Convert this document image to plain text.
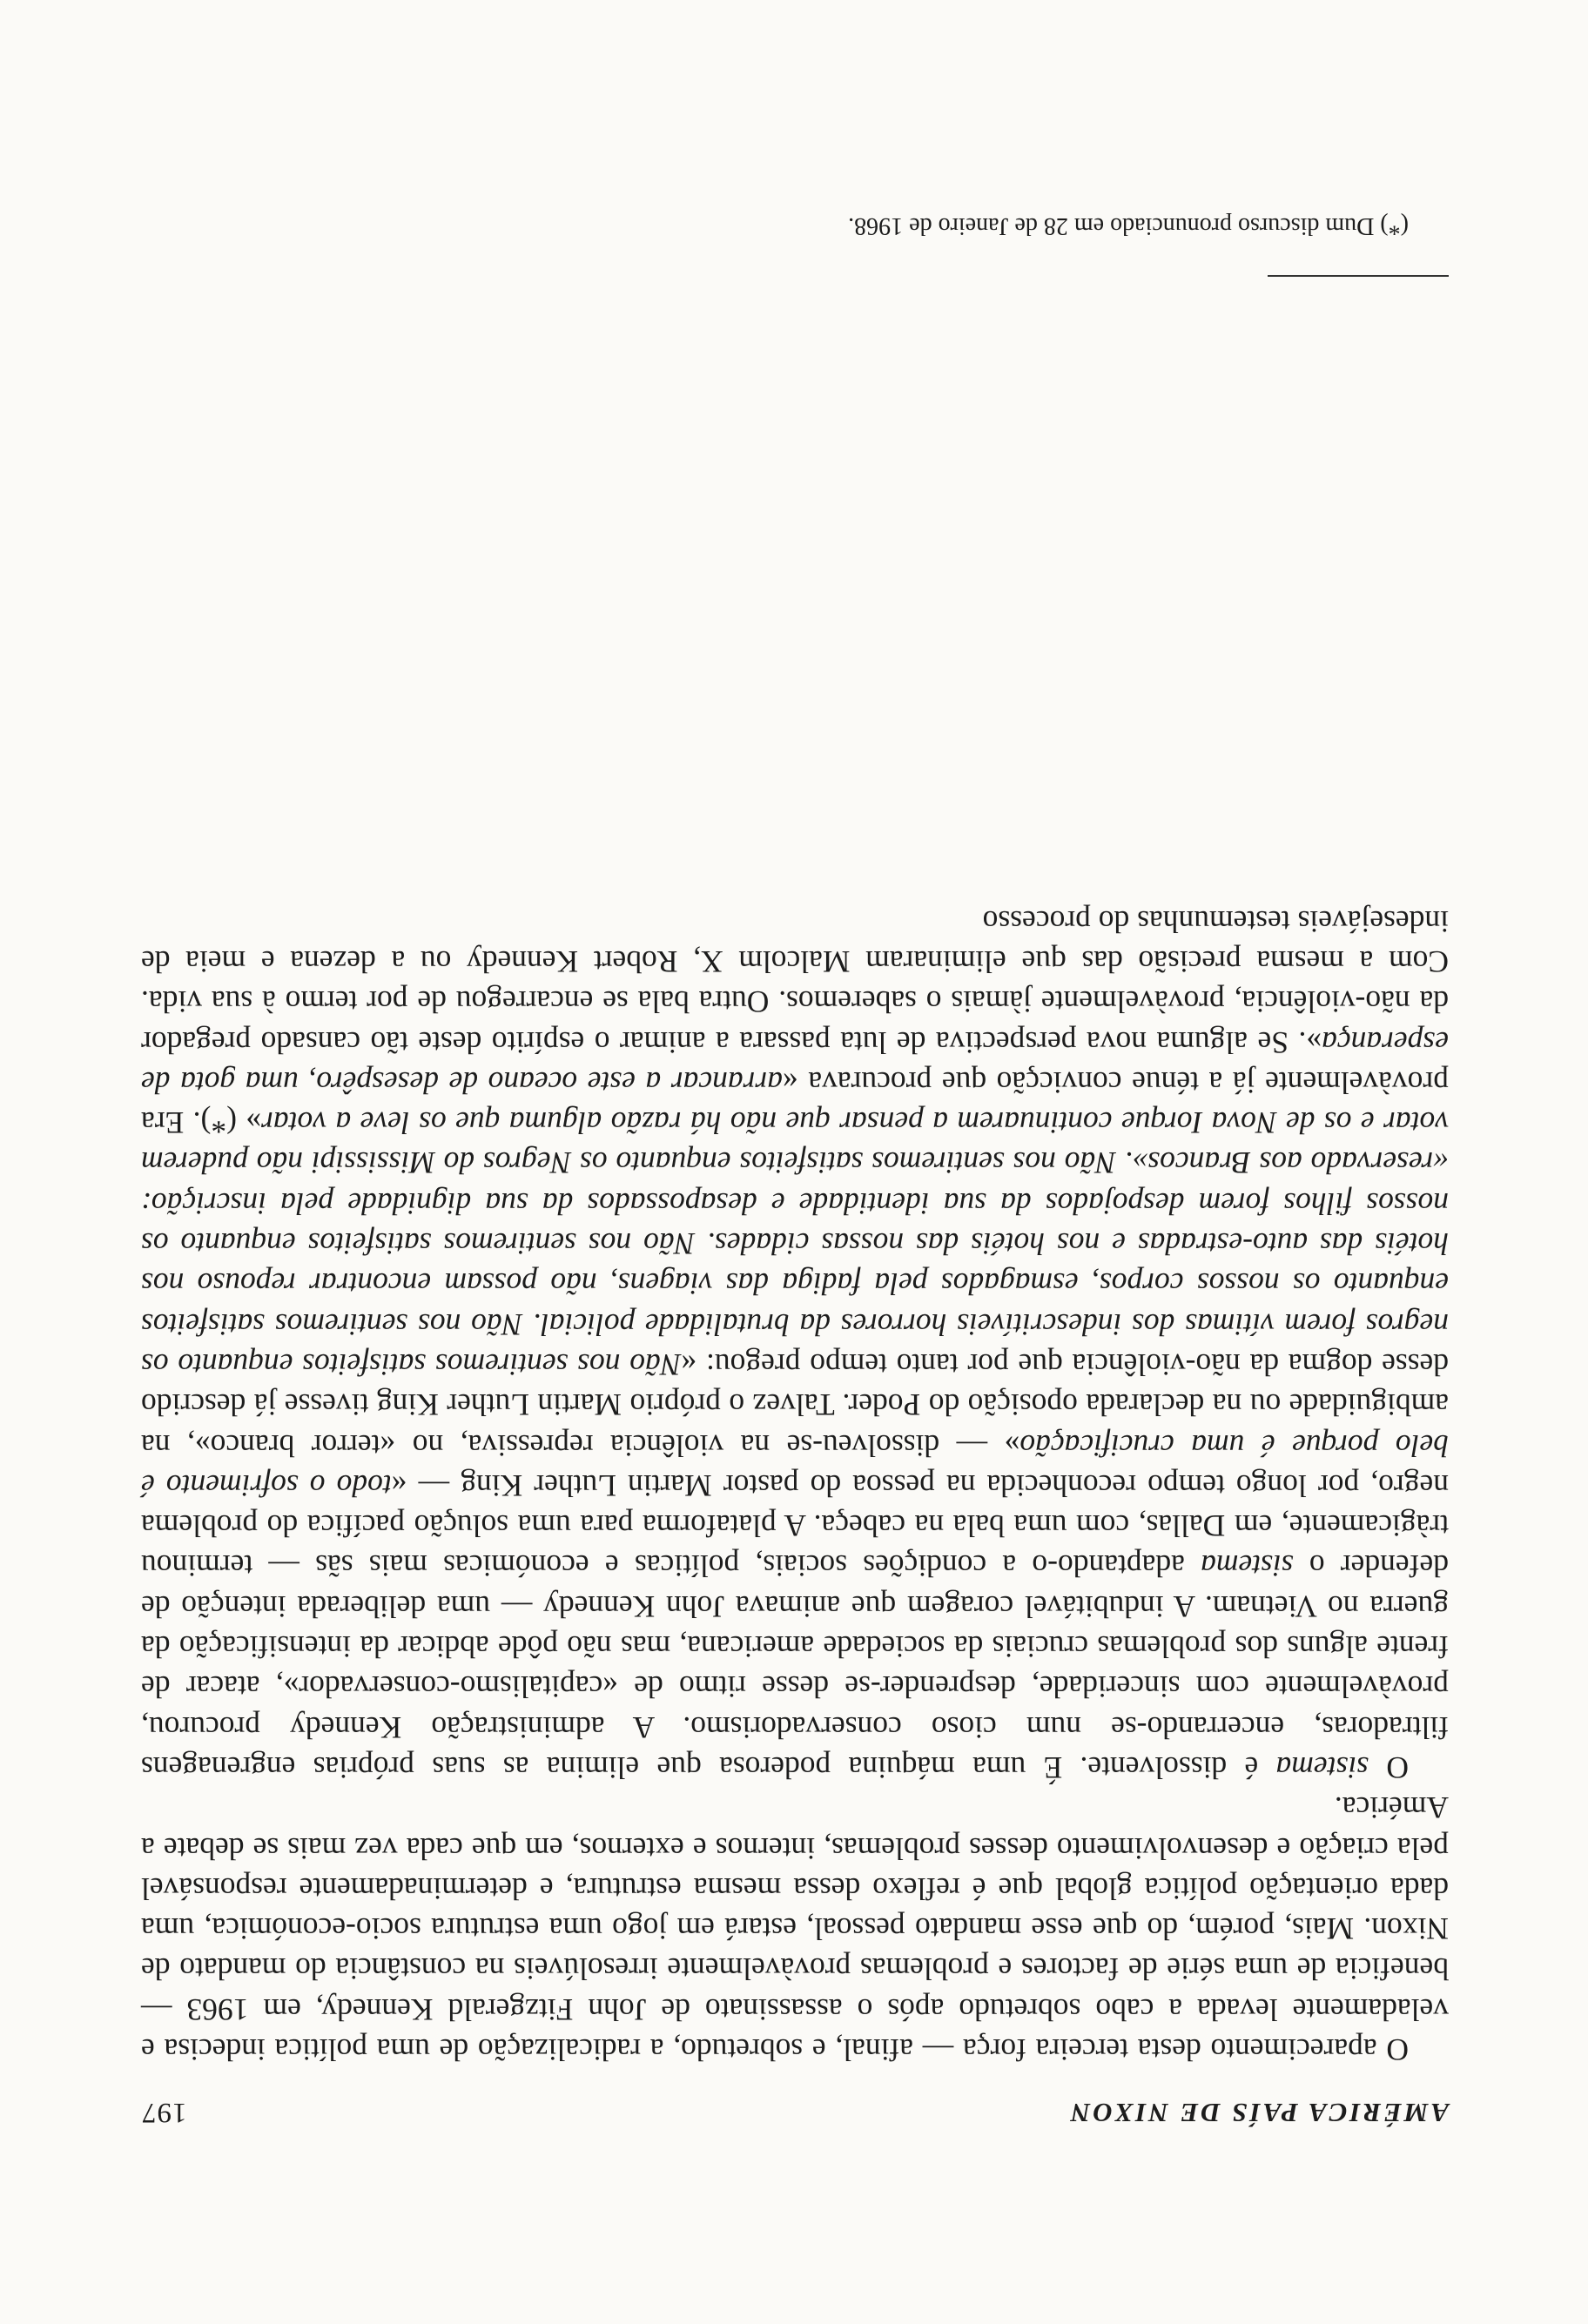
AMÉRICA PAÍS DE NIXON
197

O aparecimento desta terceira força — afinal, e sobretudo, a radicalização de uma política indecisa e veladamente levada a cabo sobretudo após o assassinato de John Fitzgerald Kennedy, em 1963 — beneficia de uma série de factores e problemas provàvelmente irresolúveis na constância do mandato de Nixon. Mais, porém, do que esse mandato pessoal, estará em jogo uma estrutura socio-económica, uma dada orientação política global que é reflexo dessa mesma estrutura, e determinadamente responsável pela criação e desenvolvimento desses problemas, internos e externos, em que cada vez mais se debate a América.

O sistema é dissolvente. É uma máquina poderosa que elimina as suas próprias engrenagens filtradoras, encerrando-se num cioso conservadorismo. A administração Kennedy procurou, provàvelmente com sinceridade, desprender-se desse ritmo de «capitalismo-conservador», atacar de frente alguns dos problemas cruciais da sociedade americana, mas não pôde abdicar da intensificação da guerra no Vietnam. A indubitável coragem que animava John Kennedy — uma deliberada intenção de defender o sistema adaptando-o a condições sociais, políticas e económicas mais sãs — terminou tràgicamente, em Dallas, com uma bala na cabeça. A plataforma para uma solução pacífica do problema negro, por longo tempo reconhecida na pessoa do pastor Martin Luther King — «todo o sofrimento é belo porque é uma crucificação» — dissolveu-se na violência repressiva, no «terror branco», na ambiguidade ou na declarada oposição do Poder. Talvez o próprio Martin Luther King tivesse já descrido desse dogma da não-violência que por tanto tempo pregou: «Não nos sentiremos satisfeitos enquanto os negros forem vítimas dos indescritíveis horrores da brutalidade policial. Não nos sentiremos satisfeitos enquanto os nossos corpos, esmagados pela fadiga das viagens, não possam encontrar repouso nos hotéis das auto-estradas e nos hotéis das nossas cidades. Não nos sentiremos satisfeitos enquanto os nossos filhos forem despojados da sua identidade e desapossados da sua dignidade pela inscrição: «reservado aos Brancos». Não nos sentiremos satisfeitos enquanto os Negros do Mississipi não puderem votar e os de Nova Iorque continuarem a pensar que não há razão alguma que os leve a votar» (*). Era provàvelmente já a ténue convicção que procurava «arrancar a este oceano de desespêro, uma gota de esperança». Se alguma nova perspectiva de luta passara a animar o espírito deste tão cansado pregador da não-violência, provàvelmente jàmais o saberemos. Outra bala se encarregou de por termo à sua vida. Com a mesma precisão das que eliminaram Malcolm X, Robert Kennedy ou a dezena e meia de indesejáveis testemunhas do processo

(*) Dum discurso pronunciado em 28 de Janeiro de 1968.
